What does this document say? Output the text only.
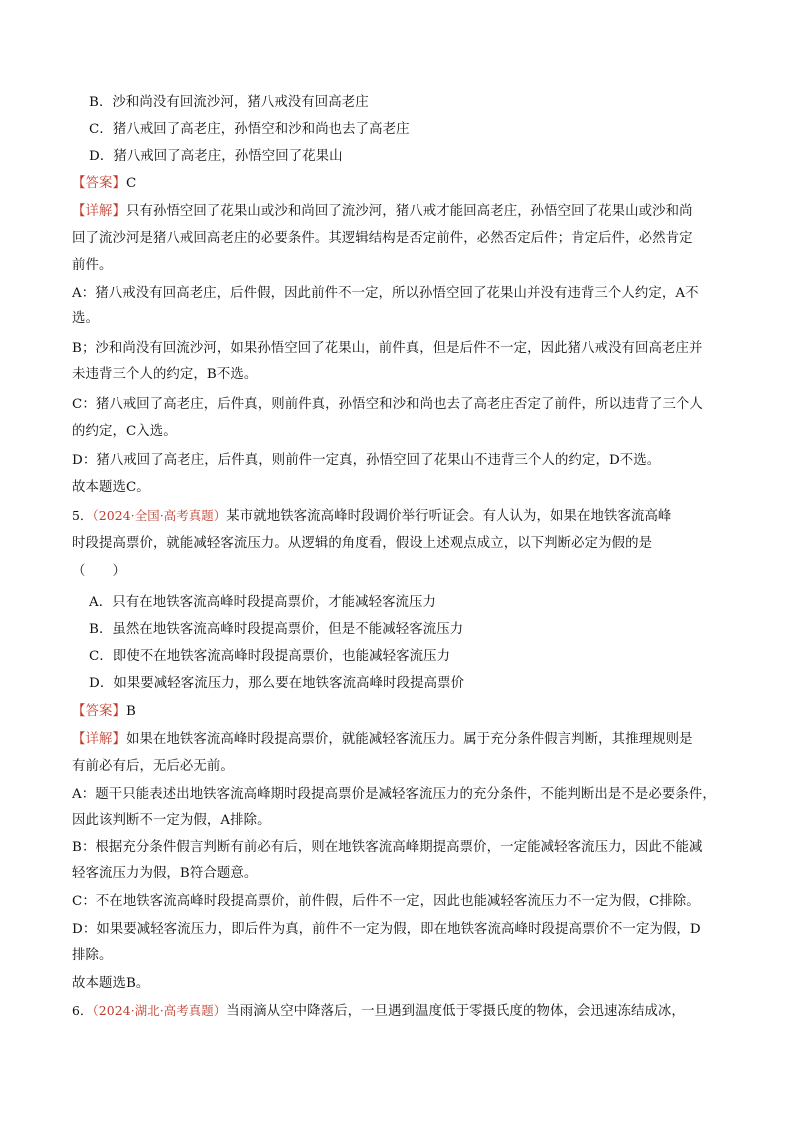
B．沙和尚没有回流沙河，猪八戒没有回高老庄
C．猪八戒回了高老庄，孙悟空和沙和尚也去了高老庄
D．猪八戒回了高老庄，孙悟空回了花果山
【答案】C
【详解】只有孙悟空回了花果山或沙和尚回了流沙河，猪八戒才能回高老庄，孙悟空回了花果山或沙和尚
回了流沙河是猪八戒回高老庄的必要条件。其逻辑结构是否定前件，必然否定后件；肯定后件，必然肯定
前件。
A：猪八戒没有回高老庄，后件假，因此前件不一定，所以孙悟空回了花果山并没有违背三个人约定，A不
选。
B；沙和尚没有回流沙河，如果孙悟空回了花果山，前件真，但是后件不一定，因此猪八戒没有回高老庄并
未违背三个人的约定，B不选。
C：猪八戒回了高老庄，后件真，则前件真，孙悟空和沙和尚也去了高老庄否定了前件，所以违背了三个人
的约定，C入选。
D：猪八戒回了高老庄，后件真，则前件一定真，孙悟空回了花果山不违背三个人的约定，D不选。
故本题选C。
5．（2024·全国·高考真题）某市就地铁客流高峰时段调价举行听证会。有人认为，如果在地铁客流高峰
时段提高票价，就能减轻客流压力。从逻辑的角度看，假设上述观点成立，以下判断必定为假的是
（　　）
A．只有在地铁客流高峰时段提高票价，才能减轻客流压力
B．虽然在地铁客流高峰时段提高票价，但是不能减轻客流压力
C．即使不在地铁客流高峰时段提高票价，也能减轻客流压力
D．如果要减轻客流压力，那么要在地铁客流高峰时段提高票价
【答案】B
【详解】如果在地铁客流高峰时段提高票价，就能减轻客流压力。属于充分条件假言判断，其推理规则是
有前必有后，无后必无前。
A：题干只能表述出地铁客流高峰期时段提高票价是减轻客流压力的充分条件，不能判断出是不是必要条件，
因此该判断不一定为假，A排除。
B：根据充分条件假言判断有前必有后，则在地铁客流高峰期提高票价，一定能减轻客流压力，因此不能减
轻客流压力为假，B符合题意。
C：不在地铁客流高峰时段提高票价，前件假，后件不一定，因此也能减轻客流压力不一定为假，C排除。
D：如果要减轻客流压力，即后件为真，前件不一定为假，即在地铁客流高峰时段提高票价不一定为假，D
排除。
故本题选B。
6．（2024·湖北·高考真题）当雨滴从空中降落后，一旦遇到温度低于零摄氏度的物体，会迅速冻结成冰，
